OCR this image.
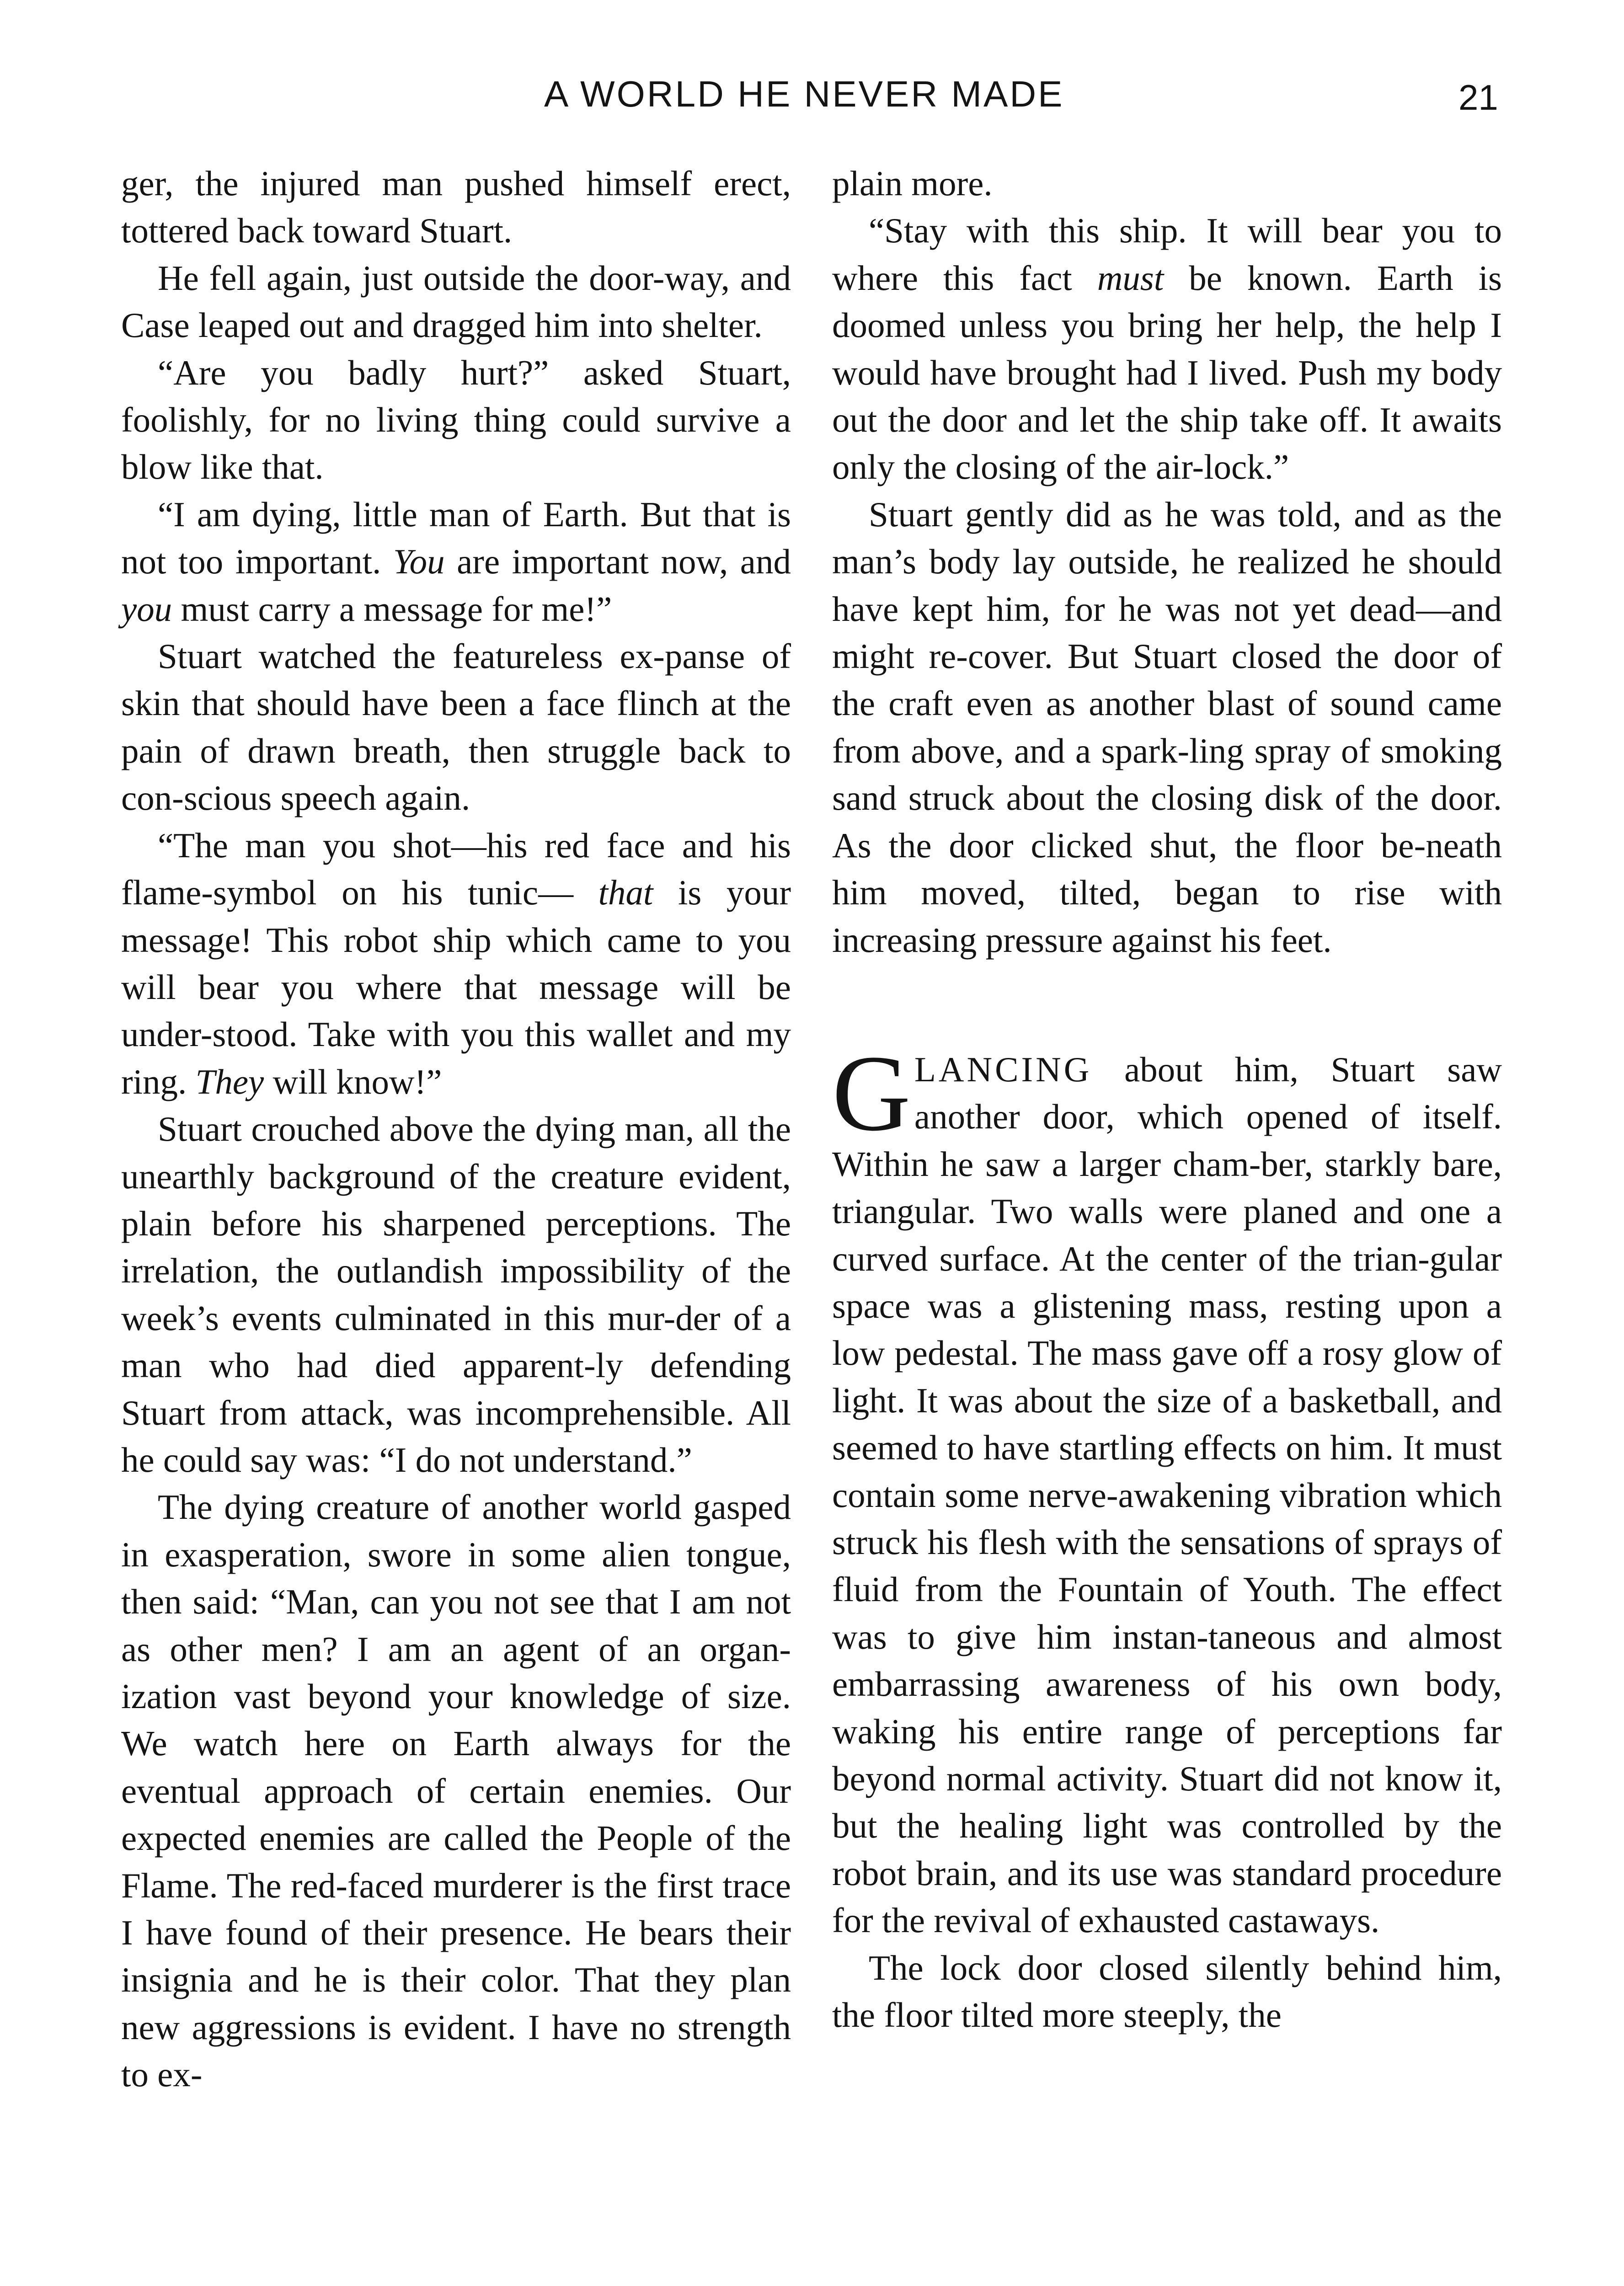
A WORLD HE NEVER MADE	21

ger, the injured man pushed himself erect, tottered back toward Stuart.

He fell again, just outside the door-way, and Case leaped out and dragged him into shelter.

“Are you badly hurt?” asked Stuart, foolishly, for no living thing could survive a blow like that.

“I am dying, little man of Earth. But that is not too important. You are important now, and you must carry a message for me!”

Stuart watched the featureless ex-panse of skin that should have been a face flinch at the pain of drawn breath, then struggle back to con-scious speech again.

“The man you shot—his red face and his flame-symbol on his tunic— that is your message! This robot ship which came to you will bear you where that message will be under-stood. Take with you this wallet and my ring. They will know!”

Stuart crouched above the dying man, all the unearthly background of the creature evident, plain before his sharpened perceptions. The irrelation, the outlandish impossibility of the week’s events culminated in this mur-der of a man who had died apparent-ly defending Stuart from attack, was incomprehensible. All he could say was: “I do not understand.”

The dying creature of another world gasped in exasperation, swore in some alien tongue, then said: “Man, can you not see that I am not as other men? I am an agent of an organ-ization vast beyond your knowledge of size. We watch here on Earth always for the eventual approach of certain enemies. Our expected enemies are called the People of the Flame. The red-faced murderer is the first trace I have found of their presence. He bears their insignia and he is their color. That they plan new aggressions is evident. I have no strength to ex-

plain more.

“Stay with this ship. It will bear you to where this fact must be known. Earth is doomed unless you bring her help, the help I would have brought had I lived. Push my body out the door and let the ship take off. It awaits only the closing of the air-lock.”

Stuart gently did as he was told, and as the man’s body lay outside, he realized he should have kept him, for he was not yet dead—and might re-cover. But Stuart closed the door of the craft even as another blast of sound came from above, and a spark-ling spray of smoking sand struck about the closing disk of the door. As the door clicked shut, the floor be-neath him moved, tilted, began to rise with increasing pressure against his feet.

GLANCING about him, Stuart saw another door, which opened of itself. Within he saw a larger cham-ber, starkly bare, triangular. Two walls were planed and one a curved surface. At the center of the trian-gular space was a glistening mass, resting upon a low pedestal. The mass gave off a rosy glow of light. It was about the size of a basketball, and seemed to have startling effects on him. It must contain some nerve-awakening vibration which struck his flesh with the sensations of sprays of fluid from the Fountain of Youth. The effect was to give him instan-taneous and almost embarrassing awareness of his own body, waking his entire range of perceptions far beyond normal activity. Stuart did not know it, but the healing light was controlled by the robot brain, and its use was standard procedure for the revival of exhausted castaways.

The lock door closed silently behind him, the floor tilted more steeply, the
